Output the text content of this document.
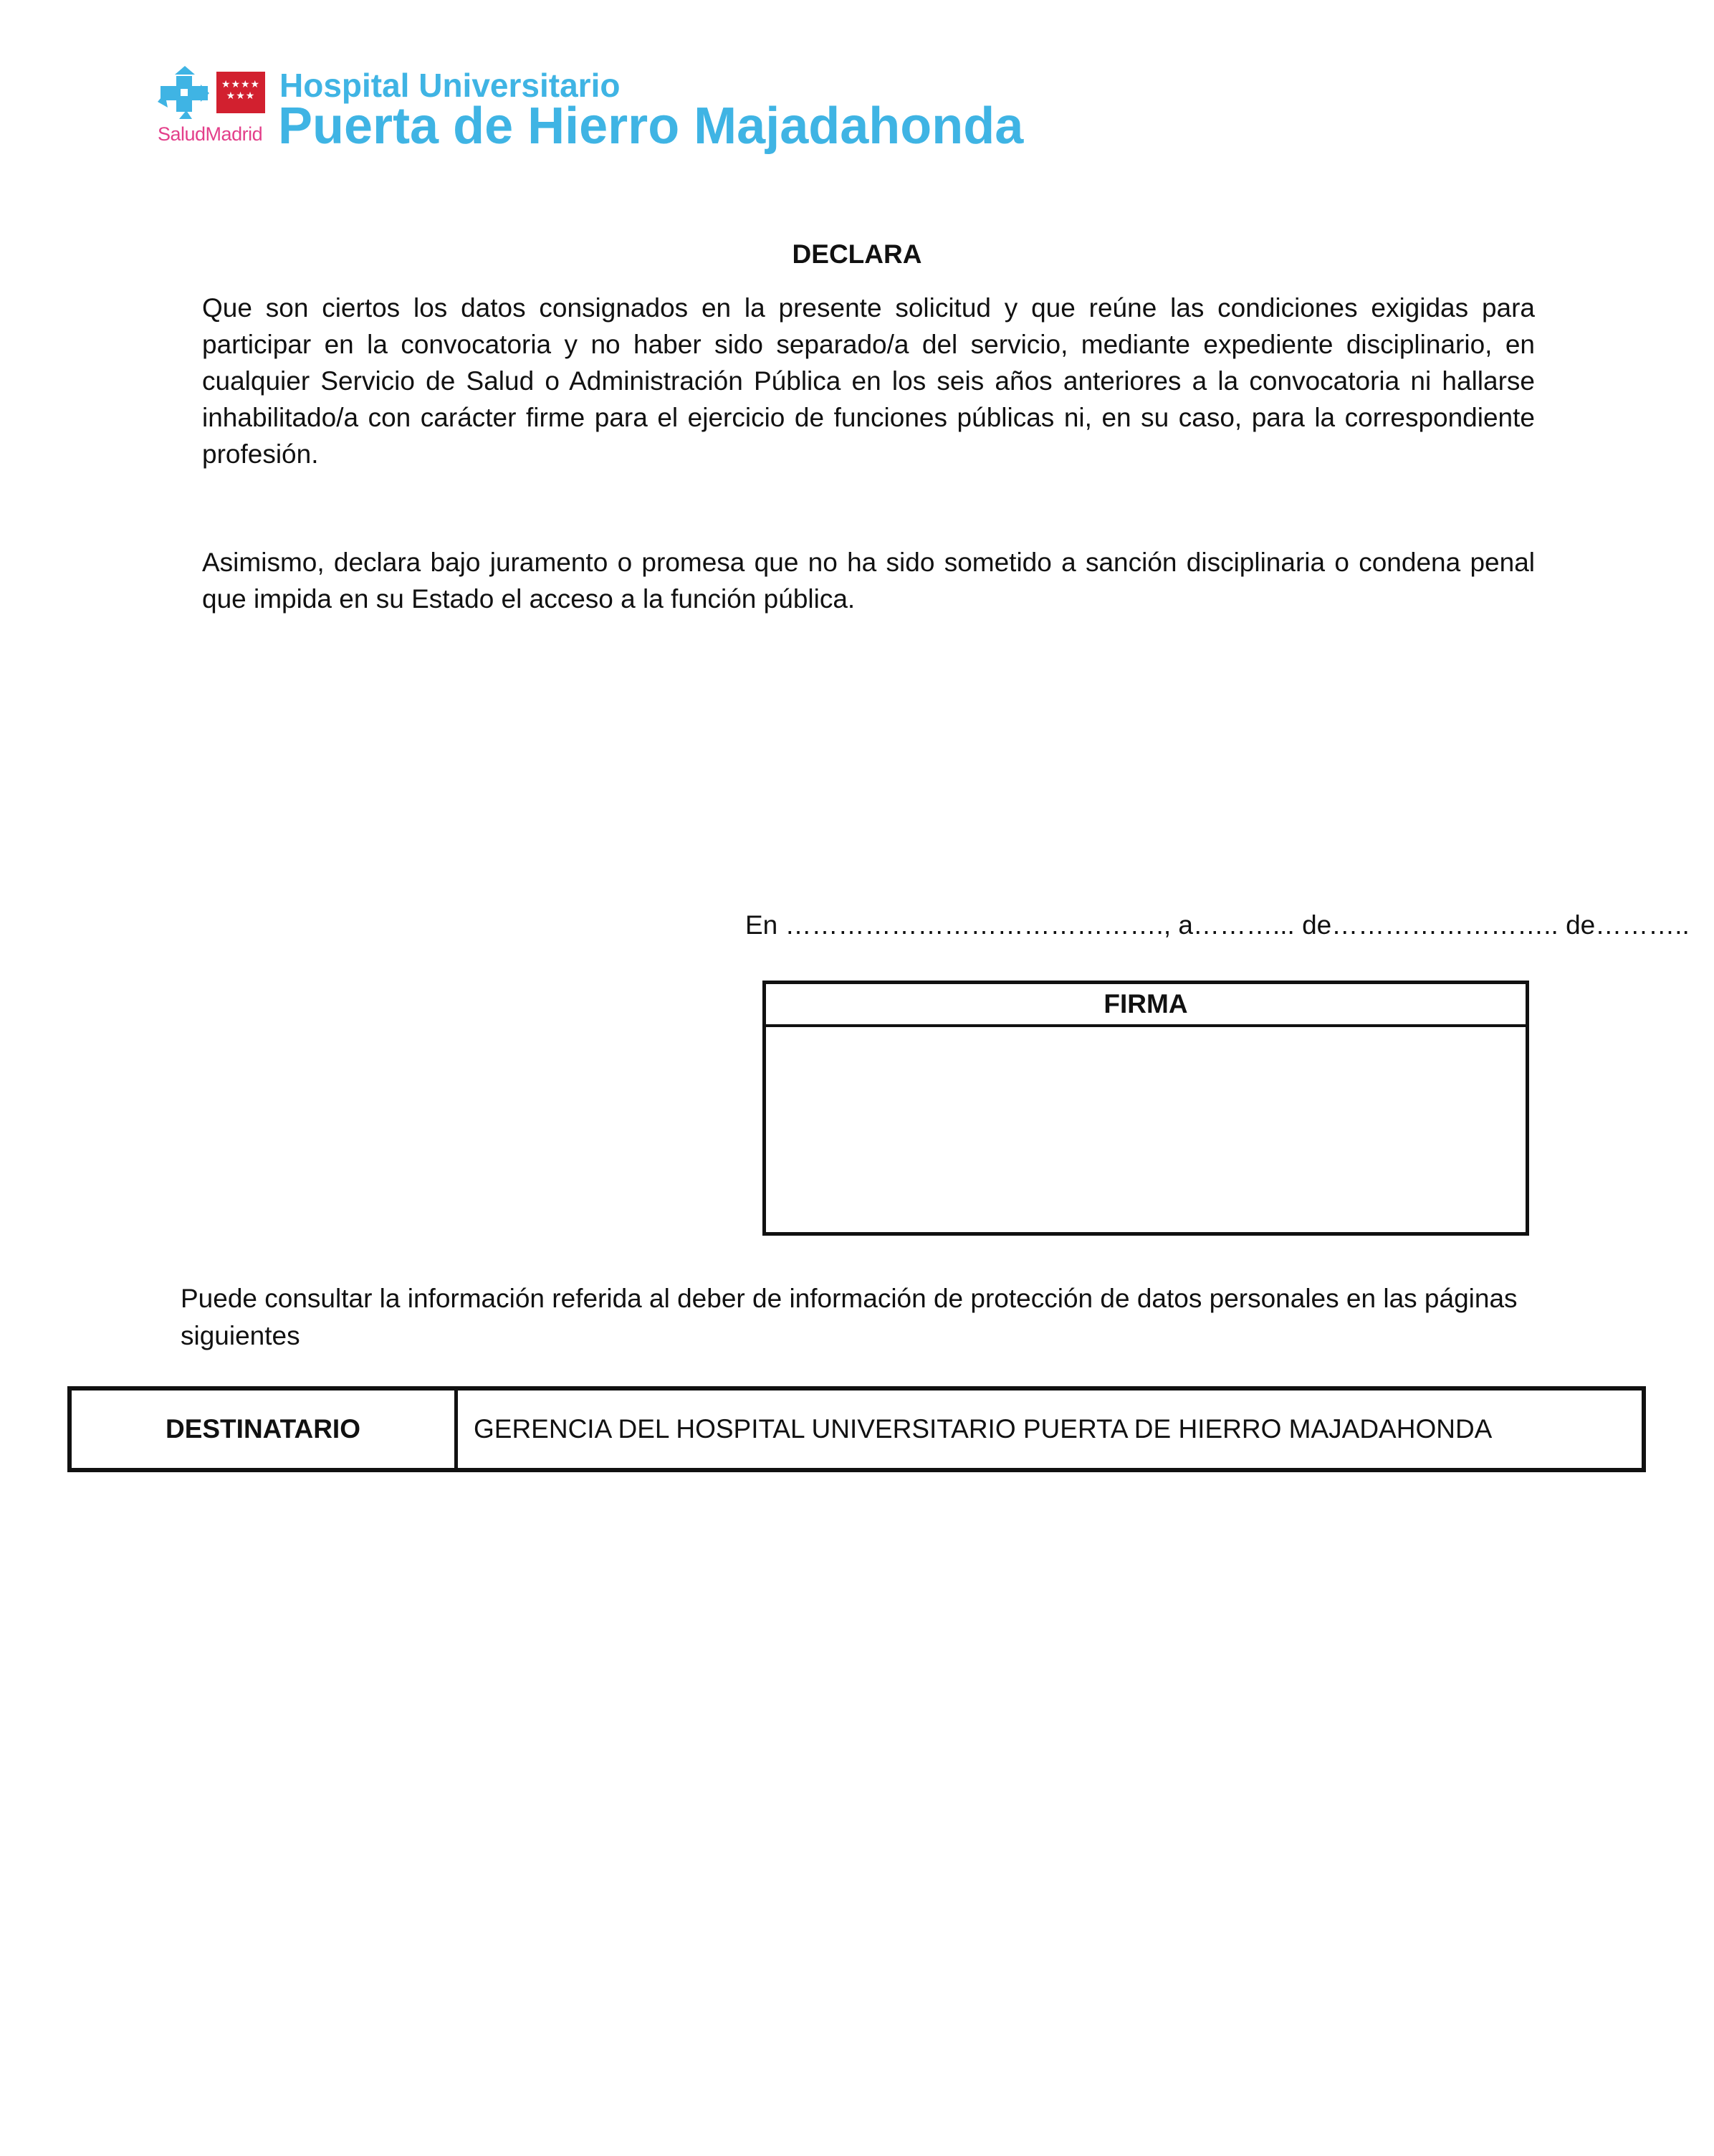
★★★★
★★★
SaludMadrid
Hospital Universitario
Puerta de Hierro Majadahonda
DECLARA
Que son ciertos los datos consignados en la presente solicitud y que reúne las condiciones exigidas para participar en la convocatoria y no haber sido separado/a del servicio, mediante expediente disciplinario, en cualquier Servicio de Salud o Administración Pública en los seis años anteriores a la convocatoria ni hallarse inhabilitado/a con carácter firme para el ejercicio de funciones públicas ni, en su caso, para la correspondiente profesión.
Asimismo, declara bajo juramento o promesa que no ha sido sometido a sanción disciplinaria o condena penal que impida en su Estado el acceso a la función pública.
En ……………………………………., a………... de…………………….. de………..
FIRMA
Puede consultar la información referida al deber de información de protección de datos personales en las páginas siguientes
DESTINATARIO	GERENCIA DEL HOSPITAL UNIVERSITARIO PUERTA DE HIERRO MAJADAHONDA
